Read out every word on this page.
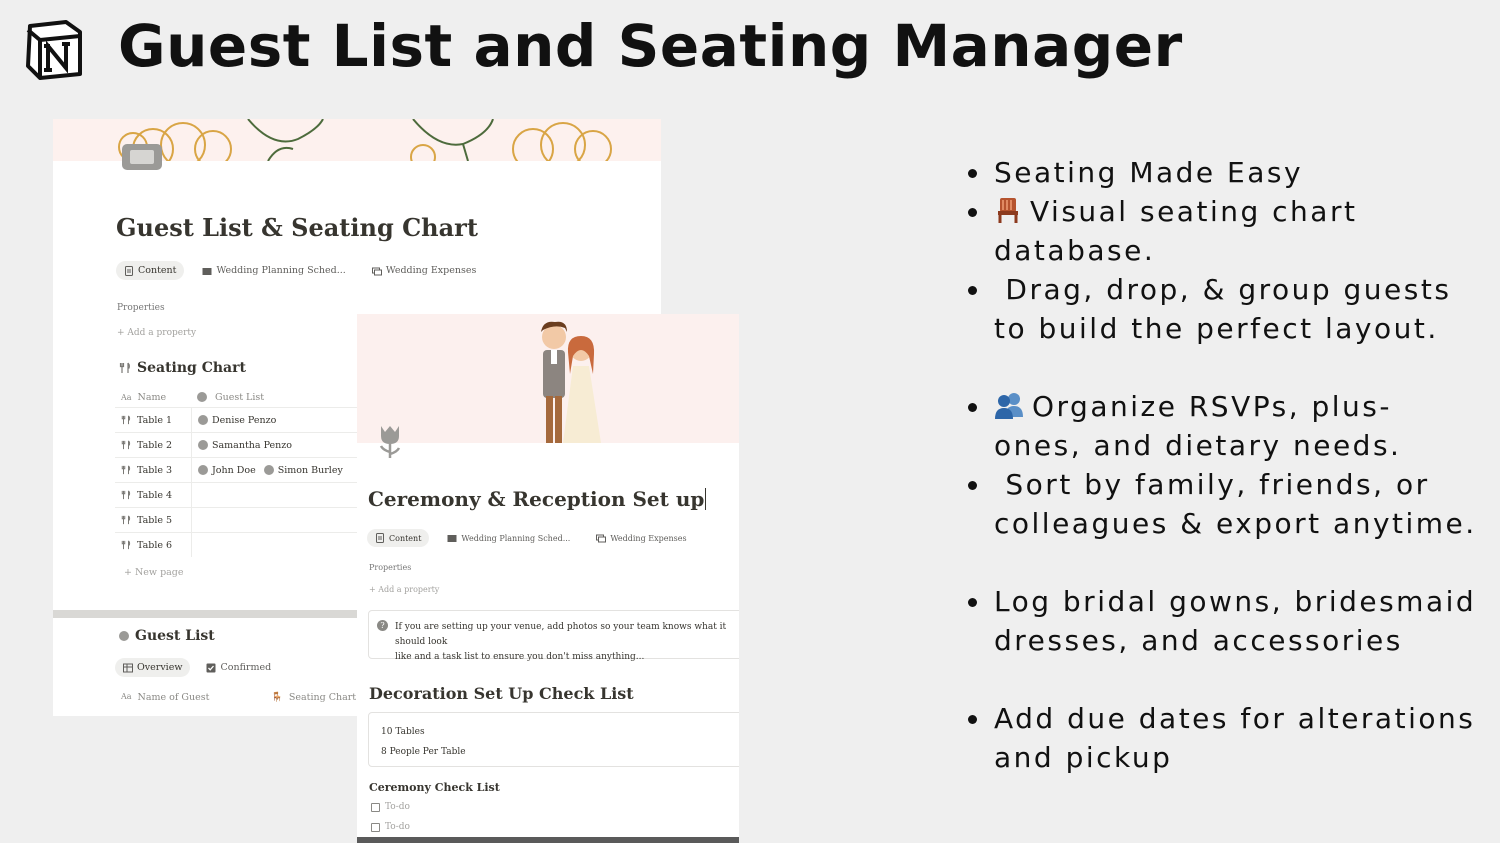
Guest List and Seating Manager
Guest List & Seating Chart
Content	Wedding Planning Sched...	Wedding Expenses
Properties
+ Add a property
Seating Chart
Aa Name	Guest List
Table 1	Denise Penzo
Table 2	Samantha Penzo
Table 3	John Doe Simon Burley
Table 4
Table 5
Table 6
+ New page
Guest List
Overview	Confirmed
Aa Name of Guest	🪑 Seating Chart
Ceremony & Reception Set up
Content	Wedding Planning Sched...	Wedding Expenses
Properties
+ Add a property
?	If you are setting up your venue, add photos so your team knows what it should look
like and a task list to ensure you don't miss anything...
Decoration Set Up Check List
10 Tables
8 People Per Table
Ceremony Check List
To-do
To-do
Seating Made Easy
Visual seating chart
database.
Drag, drop, & group guests
to build the perfect layout.
Organize RSVPs, plus-
ones, and dietary needs.
Sort by family, friends, or
colleagues & export anytime.
Log bridal gowns, bridesmaid
dresses, and accessories
Add due dates for alterations
and pickup
